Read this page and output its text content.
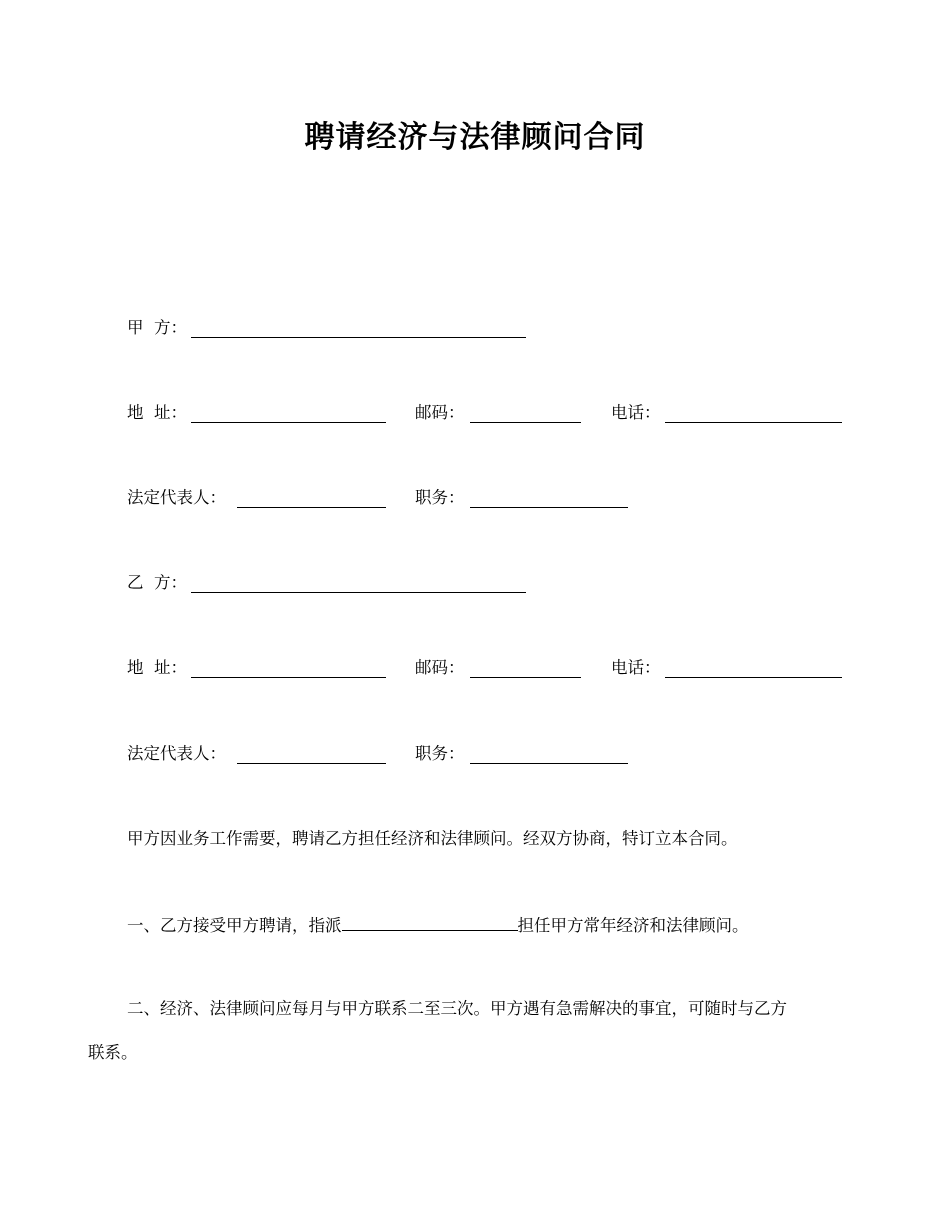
聘请经济与法律顾问合同
甲  方：
地  址：	邮码：	电话：
法定代表人：	职务：
乙  方：
地  址：	邮码：	电话：
法定代表人：	职务：
甲方因业务工作需要，聘请乙方担任经济和法律顾问。经双方协商，特订立本合同。
一、乙方接受甲方聘请，指派	担任甲方常年经济和法律顾问。
二、经济、法律顾问应每月与甲方联系二至三次。甲方遇有急需解决的事宜，可随时与乙方
联系。
